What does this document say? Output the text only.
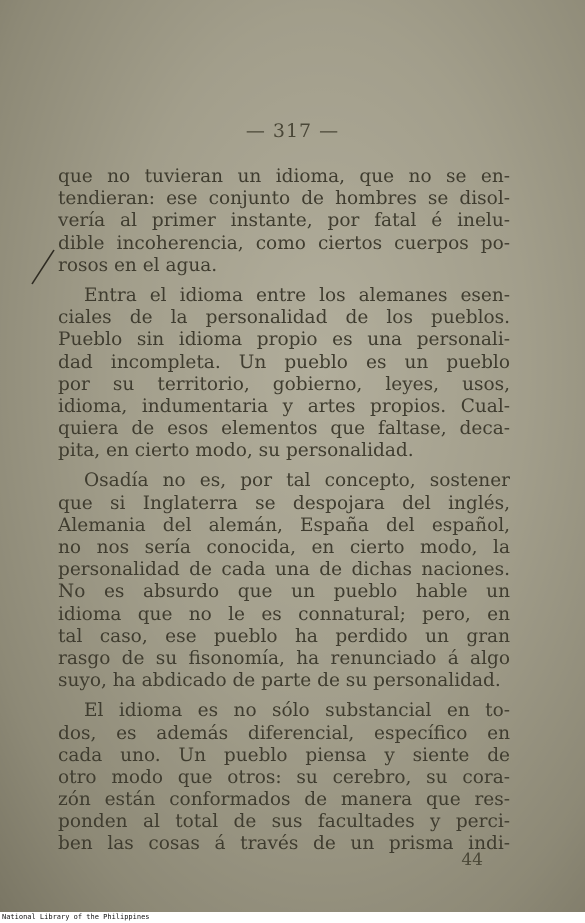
— 317 —
que no tuvieran un idioma, que no se en-
tendieran: ese conjunto de hombres se disol-
vería al primer instante, por fatal é inelu-
dible incoherencia, como ciertos cuerpos po-
rosos en el agua.
Entra el idioma entre los alemanes esen-
ciales de la personalidad de los pueblos.
Pueblo sin idioma propio es una personali-
dad incompleta. Un pueblo es un pueblo
por su territorio, gobierno, leyes, usos,
idioma, indumentaria y artes propios. Cual-
quiera de esos elementos que faltase, deca-
pita, en cierto modo, su personalidad.
Osadía no es, por tal concepto, sostener
que si Inglaterra se despojara del inglés,
Alemania del alemán, España del español,
no nos sería conocida, en cierto modo, la
personalidad de cada una de dichas naciones.
No es absurdo que un pueblo hable un
idioma que no le es connatural; pero, en
tal caso, ese pueblo ha perdido un gran
rasgo de su fisonomía, ha renunciado á algo
suyo, ha abdicado de parte de su personalidad.
El idioma es no sólo substancial en to-
dos, es además diferencial, específico en
cada uno. Un pueblo piensa y siente de
otro modo que otros: su cerebro, su cora-
zón están conformados de manera que res-
ponden al total de sus facultades y perci-
ben las cosas á través de un prisma indi-
44
National Library of the Philippines
